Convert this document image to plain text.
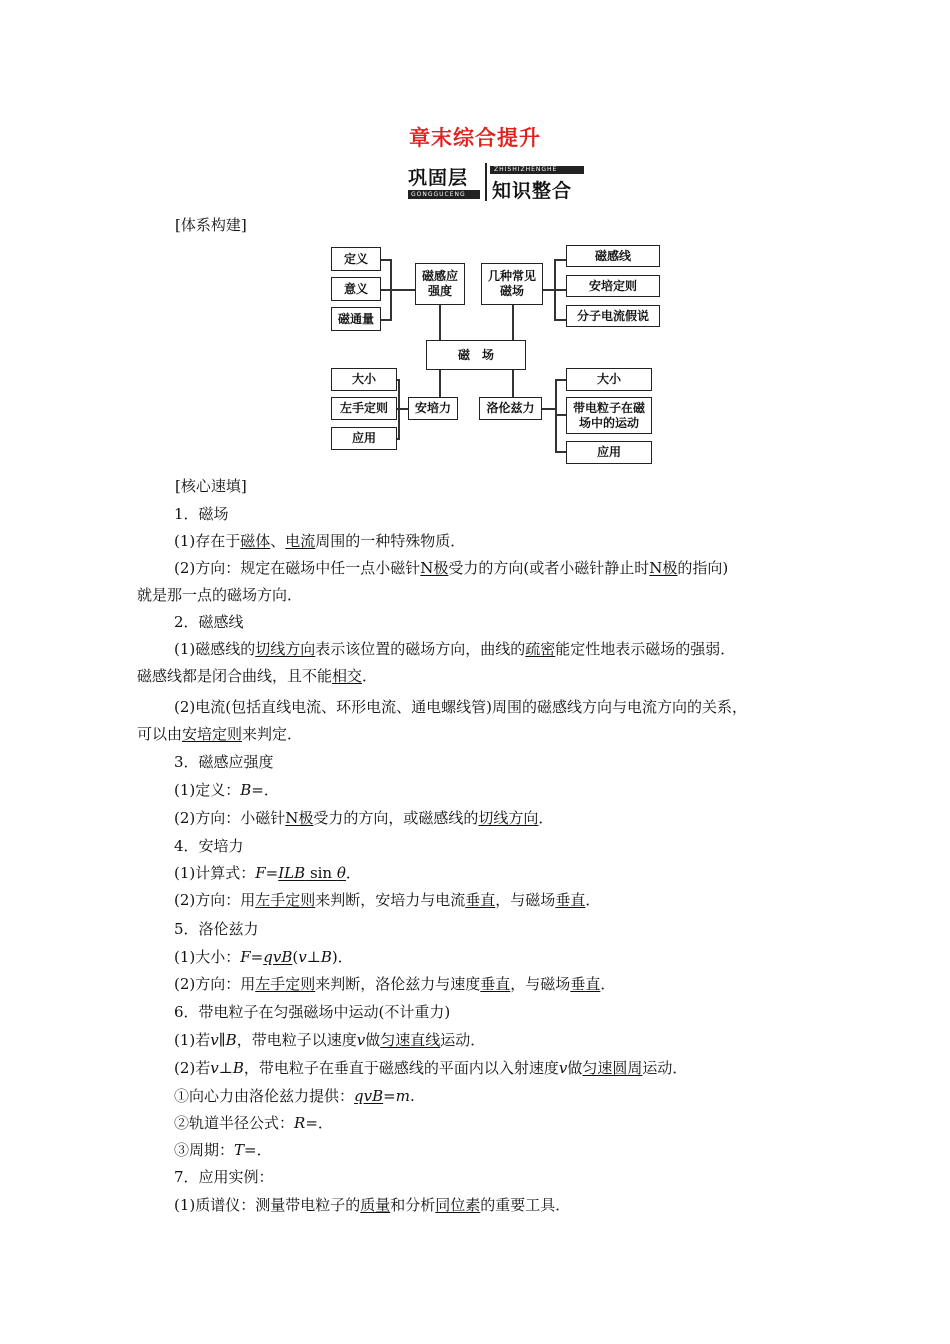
章末综合提升
巩固层
GONGGUCENG
ZHISHIZHENGHE
知识整合
[体系构建]
定义
意义
磁通量
磁感应强度
几种常见磁场
磁感线
安培定则
分子电流假说
磁　场
大小
左手定则
应用
安培力	洛伦兹力
大小
带电粒子在磁场中的运动
应用
[核心速填]
1．磁场
(1)存在于磁体、电流周围的一种特殊物质．
(2)方向：规定在磁场中任一点小磁针N极受力的方向(或者小磁针静止时N极的指向)
就是那一点的磁场方向．
2．磁感线
(1)磁感线的切线方向表示该位置的磁场方向，曲线的疏密能定性地表示磁场的强弱．
磁感线都是闭合曲线，且不能相交．
(2)电流(包括直线电流、环形电流、通电螺线管)周围的磁感线方向与电流方向的关系，
可以由安培定则来判定．
3．磁感应强度
(1)定义：B=．
(2)方向：小磁针N极受力的方向，或磁感线的切线方向．
4．安培力
(1)计算式：F=ILB sin θ．
(2)方向：用左手定则来判断，安培力与电流垂直，与磁场垂直．
5．洛伦兹力
(1)大小：F=qvB(v⊥B)．
(2)方向：用左手定则来判断，洛伦兹力与速度垂直，与磁场垂直．
6．带电粒子在匀强磁场中运动(不计重力)
(1)若v∥B，带电粒子以速度v做匀速直线运动．
(2)若v⊥B，带电粒子在垂直于磁感线的平面内以入射速度v做匀速圆周运动．
①向心力由洛伦兹力提供：qvB=m.
②轨道半径公式：R=．
③周期：T=．
7．应用实例：
(1)质谱仪：测量带电粒子的质量和分析同位素的重要工具．
